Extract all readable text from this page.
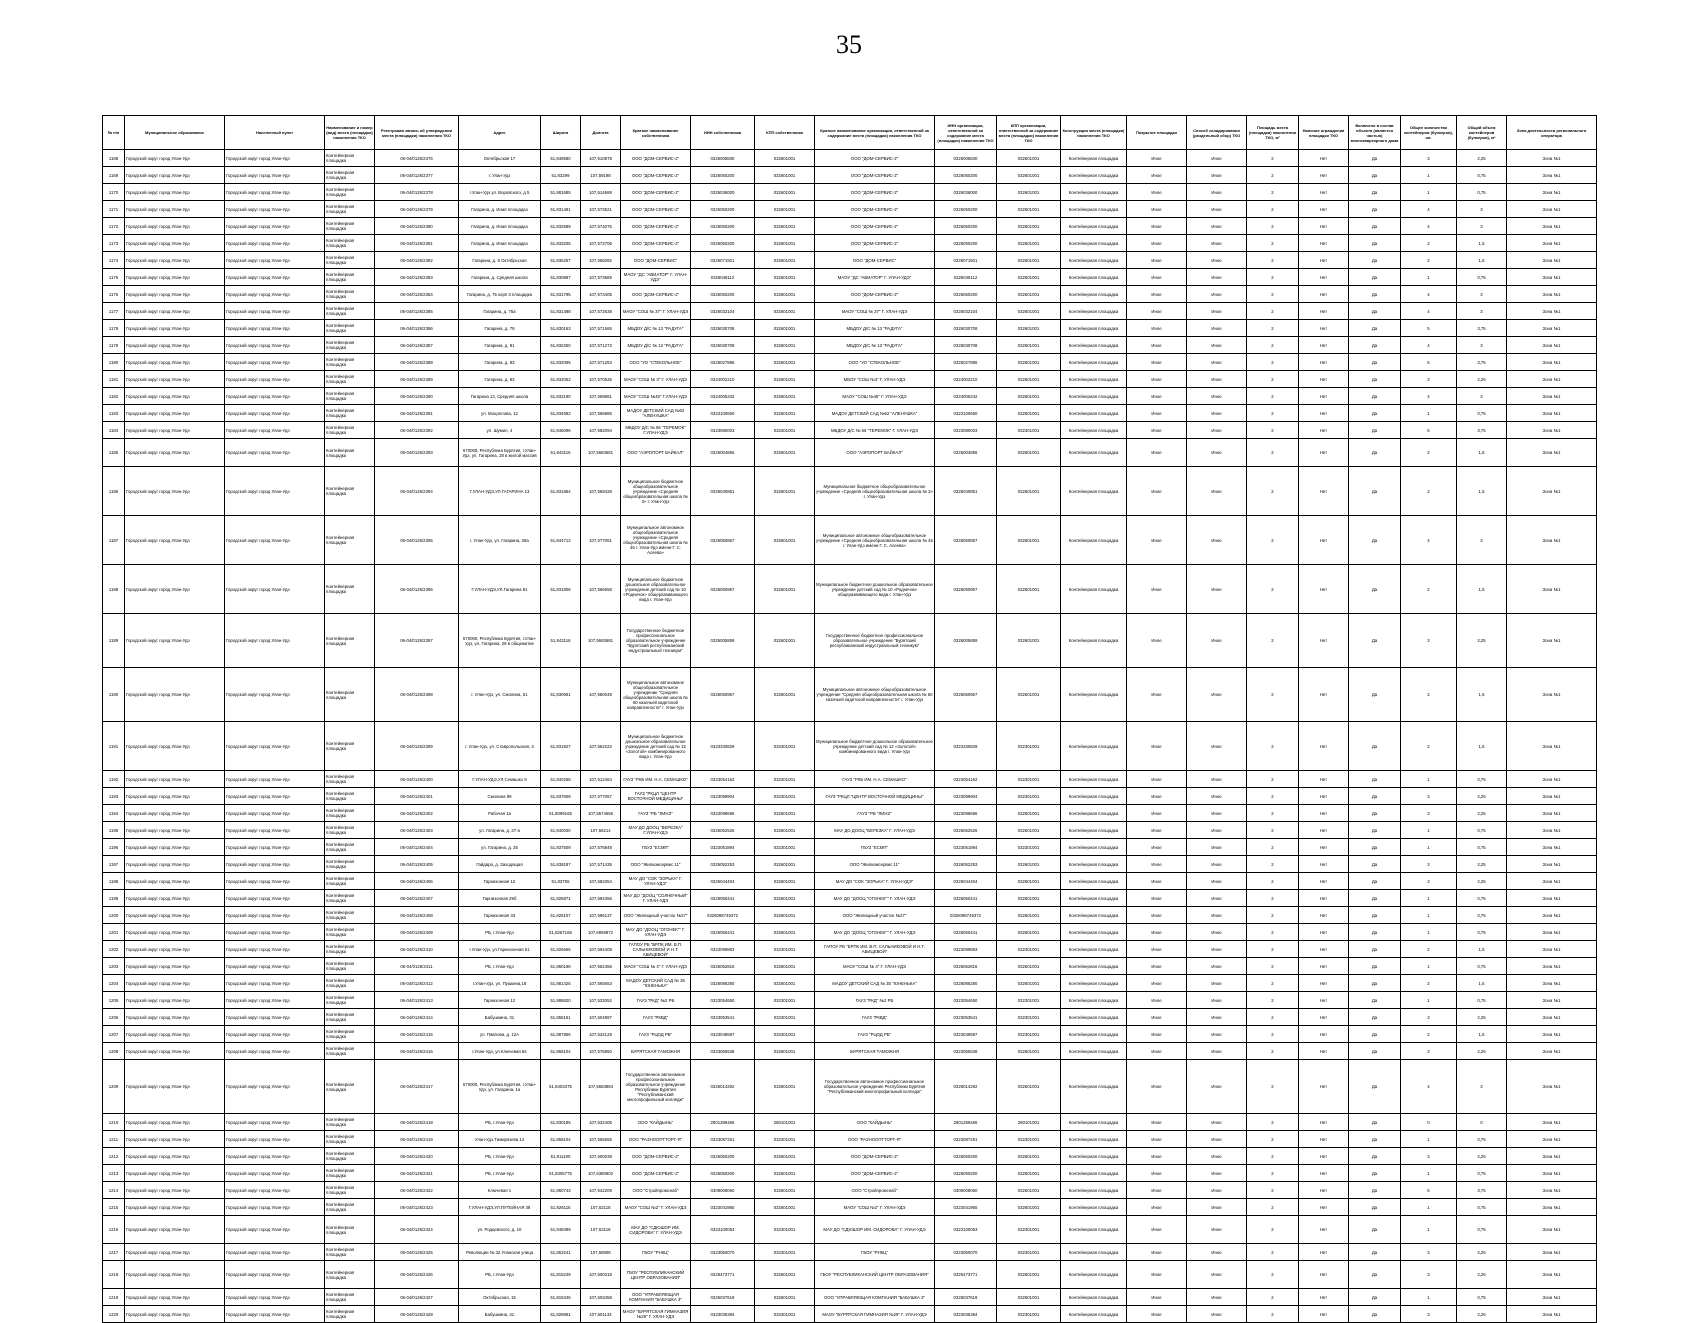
35
№ п/п	Муниципальное образование	Населенный пункт	Наименование и номер (вид) места (площадки) накопления ТКО	Реестровая запись об утверждении места (площадки) накопления ТКО	Адрес	Широта	Долгота	Краткое наименование собственника	ИНН собственника	КПП собственника	Краткое наименование организации, ответственной за содержание места (площадки) накопления ТКО	ИНН организации, ответственной за содержание места (площадки) накопления ТКО	КПП организации, ответственной за содержание места (площадки) накопления ТКО	Конструкция места (площадки) накопления ТКО	Покрытие площадки	Способ складирования (раздельный сбор) ТКО	Площадь места (площадки) накопления ТКО, м²	Наличие ограждения площадки ТКО	Включено в состав объекта (является частью) многоквартирного дома	Общее количество контейнеров (бункеров), шт.	Общий объем контейнеров (бункеров), м³	Зона деятельности регионального оператора
1168	Городской округ город Улан-Удэ	Городской округ город Улан-Удэ	Контейнерная площадка	06-04/0126/2376	Октябрьская 17	51,849580	107,610878	ООО "ДОМ-СЕРВИС-2"	0326005830	032601001	ООО "ДОМ-СЕРВИС-2"	0326005830	032601001	Контейнерная площадка	Иное	Иное	2	Нет	Да	3	2,25	Зона №1
1169	Городской округ город Улан-Удэ	Городской округ город Улан-Удэ	Контейнерная площадка	06-04/0126/2377	г. Улан-Удэ	51,83299	107,59198	ООО "ДОМ-СЕРВИС-2"	0326050200	032601001	ООО "ДОМ-СЕРВИС-2"	0326050200	032601001	Контейнерная площадка	Иное	Иное	2	Нет	Да	1	0,75	Зона №1
1170	Городской округ город Улан-Удэ	Городской округ город Улан-Удэ	Контейнерная площадка	06-04/0126/2378	г.Улан-Удэ ул. Воровского, д 5	51,881685	107,614689	ООО "ДОМ-СЕРВИС-2"	0326036000	032601001	ООО "ДОМ-СЕРВИС-2"	0326036000	032601001	Контейнерная площадка	Иное	Иное	2	Нет	Да	1	0,75	Зона №1
1171	Городской округ город Улан-Удэ	Городской округ город Улан-Удэ	Контейнерная площадка	06-04/0126/2379	Гагарина, д. Иная площадка	51,831491	107,573521	ООО "ДОМ-СЕРВИС-2"	0326050200	032601001	ООО "ДОМ-СЕРВИС-2"	0326050200	032601001	Контейнерная площадка	Иное	Иное	2	Нет	Да	4	3	Зона №1
1172	Городской округ город Улан-Удэ	Городской округ город Улан-Удэ	Контейнерная площадка	06-04/0126/2380	Гагарина, д. Иная площадка	51,832589	107,574076	ООО "ДОМ-СЕРВИС-2"	0326050200	032601001	ООО "ДОМ-СЕРВИС-2"	0326050200	032601001	Контейнерная площадка	Иное	Иное	2	Нет	Да	4	3	Зона №1
1173	Городской округ город Улан-Удэ	Городской округ город Улан-Удэ	Контейнерная площадка	06-04/0126/2381	Гагарина, д. Иная площадка	51,833205	107,572706	ООО "ДОМ-СЕРВИС-2"	0326050200	032601001	ООО "ДОМ-СЕРВИС-2"	0326050200	032601001	Контейнерная площадка	Иное	Иное	2	Нет	Да	2	1,5	Зона №1
1174	Городской округ город Улан-Удэ	Городской округ город Улан-Удэ	Контейнерная площадка	06-04/0126/2382	Гагарина, д. 8 Октябрьская	51,835257	107,565092	ООО "ДОМ-СЕРВИС"	0326071501	032601001	ООО "ДОМ-СЕРВИС"	0326071501	032601001	Контейнерная площадка	Иное	Иное	2	Нет	Да	2	1,5	Зона №1
1175	Городской округ город Улан-Удэ	Городской округ город Улан-Удэ	Контейнерная площадка	06-04/0126/2383	Гагарина, д. Средняя школа	51,830887	107,573669	МАОУ "ДС "АВИАТОР" Г. УЛАН-УДЭ"	0326048112	032601001	МАОУ "ДС "АВИАТОР" Г. УЛАН-УДЭ"	0326048112	032601001	Контейнерная площадка	Иное	Иное	2	Нет	Да	1	0,75	Зона №1
1176	Городской округ город Улан-Удэ	Городской округ город Улан-Удэ	Контейнерная площадка	06-04/0126/2384	Гагарина, д. 75 корп 3 площадка	51,831795	107,573405	ООО "ДОМ-СЕРВИС-2"	0326050200	032601001	ООО "ДОМ-СЕРВИС-2"	0326050200	032601001	Контейнерная площадка	Иное	Иное	2	Нет	Да	4	3	Зона №1
1177	Городской округ город Улан-Удэ	Городской округ город Улан-Удэ	Контейнерная площадка	06-04/0126/2385	Гагарина, д. 75а	51,831488	107,572638	МАОУ "СОШ № 37" Г. УЛАН-УДЭ	0326032104	032601001	МАОУ "СОШ № 37" Г. УЛАН-УДЭ	0326032104	032601001	Контейнерная площадка	Иное	Иное	2	Нет	Да	4	3	Зона №1
1178	Городской округ город Улан-Удэ	Городской округ город Улан-Удэ	Контейнерная площадка	06-04/0126/2386	Гагарина, д. 79	51,830163	107,571565	МБДОУ Д/С № 13 "РАДУГА"	0326030708	032601001	МБДОУ Д/С № 13 "РАДУГА"	0326030708	032601001	Контейнерная площадка	Иное	Иное	2	Нет	Да	5	3,75	Зона №1
1179	Городской округ город Улан-Удэ	Городской округ город Улан-Удэ	Контейнерная площадка	06-04/0126/2387	Гагарина, д. 81	51,832250	107,571273	МБДОУ Д/С № 13 "РАДУГА"	0326030708	032601001	МБДОУ Д/С № 13 "РАДУГА"	0326030708	032601001	Контейнерная площадка	Иное	Иное	2	Нет	Да	4	3	Зона №1
1180	Городской округ город Улан-Удэ	Городской округ город Улан-Удэ	Контейнерная площадка	06-04/0126/2388	Гагарина, д. 83	51,832095	107,571253	ООО "УО "СТЕКОЛЬНОЕ"	0326027886	032601001	ООО "УО "СТЕКОЛЬНОЕ"	0326027886	032601001	Контейнерная площадка	Иное	Иное	2	Нет	Да	5	3,75	Зона №1
1181	Городской округ город Улан-Удэ	Городской округ город Улан-Удэ	Контейнерная площадка	06-04/0126/2389	Гагарина, д. 83	51,832052	107,570526	МАОУ "СОШ № 3" Г. УЛАН-УДЭ	0324002210	032601001	МБОУ "СОШ №3" Г. УЛАН-УДЭ	0324002210	032601001	Контейнерная площадка	Иное	Иное	2	Нет	Да	3	2,25	Зона №1
1182	Городской округ город Улан-Удэ	Городской округ город Улан-Удэ	Контейнерная площадка	06-04/0126/2390	Гагарина 13, Средняя школа	51,833190	107,569881	МАОУ "СОШ №45" Г.УЛАН-УДЭ	0324005342	032601001	МАОУ "СОШ №45" Г. УЛАН-УДЭ	0324005342	032601001	Контейнерная площадка	Иное	Иное	2	Нет	Да	4	3	Зона №1
1183	Городской округ город Улан-Удэ	Городской округ город Улан-Удэ	Контейнерная площадка	06-04/0126/2391	ул. Моцоплова, 12	51,834582	107,566886	МАДОУ ДЕТСКИЙ САД №62 "АЛЕНУШКА"	0323100650	032601001	МАДОУ ДЕТСКИЙ САД №62 "АЛЕНУШКА"	0323100650	032601001	Контейнерная площадка	Иное	Иное	2	Нет	Да	1	0,75	Зона №1
1184	Городской округ город Улан-Удэ	Городской округ город Улан-Удэ	Контейнерная площадка	06-04/0126/2392	ул. Шумил, 4	51,846096	107,582094	МБДОУ Д/С № 56 "ТЕРЕМОК" Г.УЛАН-УДЭ	0323080003	032301001	МБДОУ Д/С № 56 "ТЕРЕМОК" Г. УЛАН-УДЭ	0323080003	032301001	Контейнерная площадка	Иное	Иное	2	Нет	Да	5	3,75	Зона №1
1185	Городской округ город Улан-Удэ	Городской округ город Улан-Удэ	Контейнерная площадка	06-04/0126/2393	670000, Республика Бурятия, г.Улан-Удэ, ул. Гагарина, 28 в жилой массив	51,843116	107,5683681	ООО "АЭРОПОРТ БАЙКАЛ"	0326004856	032601001	ООО "АЭРОПОРТ БАЙКАЛ"	0326004856	032601001	Контейнерная площадка	Иное	Иное	2	Нет	Да	2	1,5	Зона №1
1186	Городской округ город Улан-Удэ	Городской округ город Улан-Удэ	Контейнерная площадка	06-04/0126/2394	Г.УЛАН-УДЭ,УЛ.ГАГАРИНА 13	51,831854	107,569428	Муниципальное бюджетное общеобразовательное учреждение «Средняя общеобразовательная школа № 3» г. Улан-Удэ	0326040851	032601001	Муниципальное бюджетное общеобразовательное учреждение «Средняя общеобразовательная школа № 3» г. Улан-Удэ	0326040851	032601001	Контейнерная площадка	Иное	Иное	2	Нет	Да	2	1,5	Зона №1
1187	Городской округ город Улан-Удэ	Городской округ город Улан-Удэ	Контейнерная площадка	06-04/0126/2395	г. Улан-Удэ, ул. Гагарина, 28а	51,844712	107,577051	Муниципальное автономное общеобразовательное учреждение «Средняя общеобразовательная школа № 45 г. Улан-Удэ имени Г. С. Асеева»	0326050857	032601001	Муниципальное автономное общеобразовательное учреждение «Средняя общеобразовательная школа № 45 г. Улан-Удэ имени Г. С. Асеева»	0326050857	032601001	Контейнерная площадка	Иное	Иное	2	Нет	Да	4	3	Зона №1
1188	Городской округ город Улан-Удэ	Городской округ город Улан-Удэ	Контейнерная площадка	06-04/0126/2396	Г.УЛАН-УДЭ,УЛ.Гагарина 81	51,831806	107,566658	Муниципальное бюджетное дошкольное образовательное учреждение детский сад № 10 «Родничок» общеразвивающего вида г. Улан-Удэ	0326050957	032601001	Муниципальное бюджетное дошкольное образовательное учреждение детский сад № 10 «Родничок» общеразвивающего вида г. Улан-Удэ	0326050957	032601001	Контейнерная площадка	Иное	Иное	2	Нет	Да	2	1,5	Зона №1
1189	Городской округ город Улан-Удэ	Городской округ город Улан-Удэ	Контейнерная площадка	06-04/0126/2397	670000, Республика Бурятия, г.Улан-Удэ, ул. Гагарина, 28 в общежитие	51,843116	107,5683681	Государственное бюджетное профессиональное образовательное учреждение "Бурятский республиканский индустриальный техникум"	0326005859	032601001	Государственное бюджетное профессиональное образовательное учреждение "Бурятский республиканский индустриальный техникум"	0326005859	032601001	Контейнерная площадка	Иное	Иное	2	Нет	Да	3	2,25	Зона №1
1190	Городской округ город Улан-Удэ	Городской округ город Улан-Удэ	Контейнерная площадка	06-04/0126/2398	г. Улан-Удэ, ул. Смолина, 51	51,830691	107,580049	Муниципальное автономное общеобразовательное учреждение "Средняя общеобразовательная школа № 60 казачьей кадетской направленности" г. Улан-Удэ	0326050957	032601001	Муниципальное автономное общеобразовательное учреждение "Средняя общеобразовательная школа № 60 казачьей кадетской направленности" г. Улан-Удэ	0326050957	032601001	Контейнерная площадка	Иное	Иное	2	Нет	Да	2	1,5	Зона №1
1191	Городской округ город Улан-Удэ	Городской округ город Улан-Удэ	Контейнерная площадка	06-04/0126/2399	г. Улан-Удэ, ул. Ставропольская, 3	51,831827	107,562222	Муниципальное бюджетное дошкольное образовательное учреждение детский сад № 12 «Золотой» комбинированного вида г. Улан-Удэ	0323330829	032301001	Муниципальное бюджетное дошкольное образовательное учреждение детский сад № 12 «Золотой» комбинированного вида г. Улан-Удэ	0323330829	032301001	Контейнерная площадка	Иное	Иное	2	Нет	Да	2	1,5	Зона №1
1192	Городской округ город Улан-Удэ	Городской округ город Улан-Удэ	Контейнерная площадка	06-04/0126/2400	Г.УЛАН-УДЭ,УЛ.Семашко 9	51,840268	107,612464	ГАУЗ "РКБ ИМ. Н.А. СЕМАШКО"	0323054162	032301001	ГАУЗ "РКБ ИМ. Н.А. СЕМАШКО"	0323054162	032301001	Контейнерная площадка	Иное	Иное	2	Нет	Да	1	0,75	Зона №1
1193	Городской округ город Улан-Удэ	Городской округ город Улан-Удэ	Контейнерная площадка	06-04/0126/2401	Смолина 89	51,837609	107,577057	ГАУЗ "РКЦЛ "ЦЕНТР ВОСТОЧНОЙ МЕДИЦИНЫ"	0323099904	032301001	ГАУЗ "РКЦЛ "ЦЕНТР ВОСТОЧНОЙ МЕДИЦИНЫ"	0323099904	032301001	Контейнерная площадка	Иное	Иное	2	Нет	Да	3	2,25	Зона №1
1194	Городской округ город Улан-Удэ	Городской округ город Улан-Удэ	Контейнерная площадка	06-04/0126/2402	Рабочая 1а	51,8099165	107,5574656	ГАУЗ "РБ "ЛИНЗ"	0323098686	032601001	ГАУЗ "РБ "ЛИНЗ"	0323098686	032601001	Контейнерная площадка	Иное	Иное	2	Нет	Да	3	2,25	Зона №1
1195	Городской округ город Улан-Удэ	Городской округ город Улан-Удэ	Контейнерная площадка	06-04/0126/2403	ул. Гагарина, д. 37-а	51,840000	107,56214	МАУ ДО ДООЦ "БЕРЕЗКА" Г.УЛАН-УДЭ	0326052526	032601001	МАУ ДО ДООЦ "БЕРЕЗКА" Г. УЛАН-УДЭ	0326052526	032601001	Контейнерная площадка	Иное	Иное	2	Нет	Да	1	0,75	Зона №1
1196	Городской округ город Улан-Удэ	Городской округ город Улан-Удэ	Контейнерная площадка	06-04/0126/2404	ул. Гагарина, д. 25	51,837509	107,576849	ГБУЗ "ЕСМП"	0323051894	032301001	ГБУЗ "ЕСМП"	0323051894	032301001	Контейнерная площадка	Иное	Иное	2	Нет	Да	1	0,75	Зона №1
1197	Городской округ город Улан-Удэ	Городской округ город Улан-Удэ	Контейнерная площадка	06-04/0126/2405	Гайдара, д. Заходящая	51,838187	107,571435	ООО "Жилкомсервис 11"	0326052253	032601001	ООО "Жилкомсервис 11"	0326052253	032601001	Контейнерная площадка	Иное	Иное	2	Нет	Да	3	2,25	Зона №1
1198	Городской округ город Улан-Удэ	Городской округ город Улан-Удэ	Контейнерная площадка	06-04/0126/2406	Гарнизонная 12	51,83755	107,683354	МАУ ДО "СОК "ЗОРЬКА" Г. УЛАН-УДЭ"	0326044404	032601001	МАУ ДО "СОК "ЗОРЬКА" Г. УЛАН-УДЭ"	0326044404	032601001	Контейнерная площадка	Иное	Иное	2	Нет	Да	3	2,25	Зона №1
1199	Городской округ город Улан-Удэ	Городской округ город Улан-Удэ	Контейнерная площадка	06-04/0126/2407	Гарнизонная 29б	51,826871	107,694356	МАУ ДО "ДООЦ "СОЛНЕЧНЫЙ" Г. УЛАН-УДЭ	0326050441	032601001	МАУ ДО "ДООЦ "ОГОНЕК"" Г. УЛАН-УДЭ	0326050441	032601001	Контейнерная площадка	Иное	Иное	2	Нет	Да	1	0,75	Зона №1
1200	Городской округ город Улан-Удэ	Городской округ город Улан-Удэ	Контейнерная площадка	06-04/0126/2408	Гарнизонная 33	51,825107	107,696137	ООО "Жилищный участок №27"	0326098749372	032601001	ООО "Жилищный участок №27"	0326098749372	032601001	Контейнерная площадка	Иное	Иное	2	Нет	Да	1	0,75	Зона №1
1201	Городской округ город Улан-Удэ	Городской округ город Улан-Удэ	Контейнерная площадка	06-04/0126/2409	РБ, г.Улан-Удэ	51,8267166	107,6959872	МАУ ДО "ДООЦ "ОГОНЕК"" Г. УЛАН-УДЭ	0326050441	032601001	МАУ ДО "ДООЦ "ОГОНЕК"" Г. УЛАН-УДЭ	0326050441	032601001	Контейнерная площадка	Иное	Иное	2	Нет	Да	1	0,75	Зона №1
1202	Городской округ город Улан-Удэ	Городской округ город Улан-Удэ	Контейнерная площадка	06-04/0126/2410	г.Улан-Удэ, ул.Гарнизонная 61	51,826665	107,694409	ГАПОУ РБ "БРПК ИМ. В.П. САЛЬНИКОВОЙ И Н.Т. АБИЦЕВОЙ"	0323099883	032301001	ГАПОУ РБ "БРПК ИМ. В.П. САЛЬНИКОВОЙ И Н.Т. АБИЦЕВОЙ"	0323099883	032301001	Контейнерная площадка	Иное	Иное	2	Нет	Да	2	1,5	Зона №1
1203	Городской округ город Улан-Удэ	Городской округ город Улан-Удэ	Контейнерная площадка	06-04/0126/2411	РБ, г.Улан-Удэ	51,850198	107,652456	МАОУ "СОШ № 4" Г. УЛАН-УДЭ	0326052816	032601001	МАОУ "СОШ № 4" Г. УЛАН-УДЭ	0326052816	032601001	Контейнерная площадка	Иное	Иное	2	Нет	Да	1	0,75	Зона №1
1204	Городской округ город Улан-Удэ	Городской округ город Улан-Удэ	Контейнерная площадка	06-04/0126/2412	г.Улан-Удэ, ул. Пушкина,18	51,881426	107,565653	МАДОУ ДЕТСКИЙ САД № 35 "ЮНЕНЬКА"	0326086280	032601001	МАДОУ ДЕТСКИЙ САД № 35 "ЮНЕНЬКА"	0326086280	032601001	Контейнерная площадка	Иное	Иное	2	Нет	Да	2	1,5	Зона №1
1205	Городской округ город Улан-Удэ	Городской округ город Улан-Удэ	Контейнерная площадка	06-04/0126/2413	Гарнизонная 12	51,888820	107,533052	ГАУЗ "РКД" №2 РБ	0323054650	032301001	ГАУЗ "РКД" №2 РБ	0323054650	032301001	Контейнерная площадка	Иное	Иное	2	Нет	Да	1	0,75	Зона №1
1206	Городской округ город Улан-Удэ	Городской округ город Улан-Удэ	Контейнерная площадка	06-04/0126/2414	Бабушкина, 31	51,855151	107,604897	ГАУЗ "РКВД"	0323053541	032301001	ГАУЗ "РКВД"	0323053541	032301001	Контейнерная площадка	Иное	Иное	2	Нет	Да	3	2,25	Зона №1
1207	Городской округ город Улан-Удэ	Городской округ город Улан-Удэ	Контейнерная площадка	06-04/0126/2415	ул. Павлова, д. 12А	51,887856	107,532129	ГАУЗ "РЦОД РБ"	0323049587	032301001	ГАУЗ "РЦОД РБ"	0323049587	032301001	Контейнерная площадка	Иное	Иное	2	Нет	Да	2	1,5	Зона №1
1208	Городской округ город Улан-Удэ	Городской округ город Улан-Удэ	Контейнерная площадка	06-04/0126/2416	г.Улан-Удэ, ул.Ключевая 84	51,865104	107,575850	БУРЯТСКАЯ ТАМОЖНЯ	0323065538	032601001	БУРЯТСКАЯ ТАМОЖНЯ	0323065538	032601001	Контейнерная площадка	Иное	Иное	2	Нет	Да	3	2,25	Зона №1
1209	Городской округ город Улан-Удэ	Городской округ город Улан-Удэ	Контейнерная площадка	06-04/0126/2417	670000, Республика Бурятия, г.Улан-Удэ, ул. Гагарина, 1а	51,8403375	107,5683884	Государственное автономное профессиональное образовательное учреждение Республики Бурятия "Республиканский многопрофильный колледж"	0326014292	032601001	Государственное автономное профессиональное образовательное учреждение Республики Бурятия "Республиканский многопрофильный колледж"	0326014292	032601001	Контейнерная площадка	Иное	Иное	2	Нет	Да	4	3	Зона №1
1210	Городской округ город Улан-Удэ	Городской округ город Улан-Удэ	Контейнерная площадка	06-04/0126/2418	РБ, г.Улан-Удэ	51,830185	107,632406	ООО "КАЙДЫНЬ"	2801289465	280101001	ООО "КАЙДЫНЬ"	2801289465	280101001	Контейнерная площадка	Иное	Иное	2	Нет	Да	0	0	Зона №1
1211	Городской округ город Улан-Удэ	Городской округ город Улан-Удэ	Контейнерная площадка	06-04/0126/2419	Улан-Удэ,Тимирязева 14	51,858104	107,565655	ООО "РАЗНООПТТОРГ-Я"	0323087251	032301001	ООО "РАЗНООПТТОРГ-Я"	0323087251	032301001	Контейнерная площадка	Иное	Иное	2	Нет	Да	1	0,75	Зона №1
1212	Городской округ город Улан-Удэ	Городской округ город Улан-Удэ	Контейнерная площадка	06-04/0126/2420	РБ, г.Улан-Удэ	51,811190	107,600038	ООО "ДОМ-СЕРВИС-2"	0326050200	032601001	ООО "ДОМ-СЕРВИС-2"	0326050200	032601001	Контейнерная площадка	Иное	Иное	2	Нет	Да	3	2,25	Зона №1
1213	Городской округ город Улан-Удэ	Городской округ город Улан-Удэ	Контейнерная площадка	06-04/0126/2421	РБ, г.Улан-Удэ	51,8305775	107,6380802	ООО "ДОМ-СЕРВИС-2"	0326050200	032601001	ООО "ДОМ-СЕРВИС-2"	0326050200	032601001	Контейнерная площадка	Иное	Иное	2	Нет	Да	1	0,75	Зона №1
1214	Городской округ город Улан-Удэ	Городской округ город Улан-Удэ	Контейнерная площадка	06-04/0126/2422	Ключевая 1	51,850743	107,542209	ООО "Стройпромснаб"	0309008060	032601001	ООО "Стройпромснаб"	0309008060	032601001	Контейнерная площадка	Иное	Иное	2	Нет	Да	5	3,75	Зона №1
1215	Городской округ город Улан-Удэ	Городской округ город Улан-Удэ	Контейнерная площадка	06-04/0126/2423	Г.УЛАН-УДЭ,УЛ.ПУТЕЙНАЯ 39	51,826116	107,62118	МАОУ "СОШ №2" Г. УЛАН-УДЭ	0323041965	032601001	МАОУ "СОШ №2" Г. УЛАН-УДЭ	0323041965	032601001	Контейнерная площадка	Иное	Иное	2	Нет	Да	1	0,75	Зона №1
1216	Городской округ город Улан-Удэ	Городской округ город Улан-Удэ	Контейнерная площадка	06-04/0126/2424	ул. Родцевского, д. 10	51,848499	107,63118	МАУ ДО "СДЮШОР ИМ. СИДОРОВА" Г. УЛАН-УДЭ	0323100053	032301001	МАУ ДО "СДЮШОР ИМ. СИДОРОВА" Г. УЛАН-УДЭ	0323100053	032301001	Контейнерная площадка	Иное	Иное	2	Нет	Да	1	0,75	Зона №1
1217	Городской округ город Улан-Удэ	Городской округ город Улан-Удэ	Контейнерная площадка	06-04/0126/2425	Революции № 32 Уланская улица	51,853241	107,58908	ГБОУ "РНКЦ"	0323060070	032301001	ГБОУ "РНКЦ"	0323060070	032301001	Контейнерная площадка	Иное	Иное	2	Нет	Да	3	2,25	Зона №1
1218	Городской округ город Улан-Удэ	Городской округ город Улан-Удэ	Контейнерная площадка	06-04/0126/2426	РБ, г.Улан-Удэ	51,815249	107,600318	ГБОУ "РЕСПУБЛИКАНСКИЙ ЦЕНТР ОБРАЗОВАНИЯ"	0326473771	032601001	ГБОУ "РЕСПУБЛИКАНСКИЙ ЦЕНТР ОБРАЗОВАНИЯ"	0326473771	032601001	Контейнерная площадка	Иное	Иное	2	Нет	Да	3	2,25	Зона №1
1219	Городской округ город Улан-Удэ	Городской округ город Улан-Удэ	Контейнерная площадка	06-04/0126/2427	Октябрьская, 15	51,815346	107,603458	ООО "УПРАВЛЯЮЩАЯ КОМПАНИЯ "БАБУШКА 3"	0326037619	032601001	ООО "УПРАВЛЯЮЩАЯ КОМПАНИЯ "БАБУШКА 3"	0326037619	032601001	Контейнерная площадка	Иное	Иное	2	Нет	Да	1	0,75	Зона №1
1220	Городской округ город Улан-Удэ	Городской округ город Улан-Удэ	Контейнерная площадка	06-04/0126/2428	Бабушкина, 31	51,828891	107,601134	МАОУ "БУРЯТСКАЯ ГИМНАЗИЯ №29" Г. УЛАН-УДЭ	0323035384	032301001	МАОУ "БУРЯТСКАЯ ГИМНАЗИЯ №29" Г. УЛАН-УДЭ	0323035384	032301001	Контейнерная площадка	Иное	Иное	2	Нет	Да	3	2,25	Зона №1
